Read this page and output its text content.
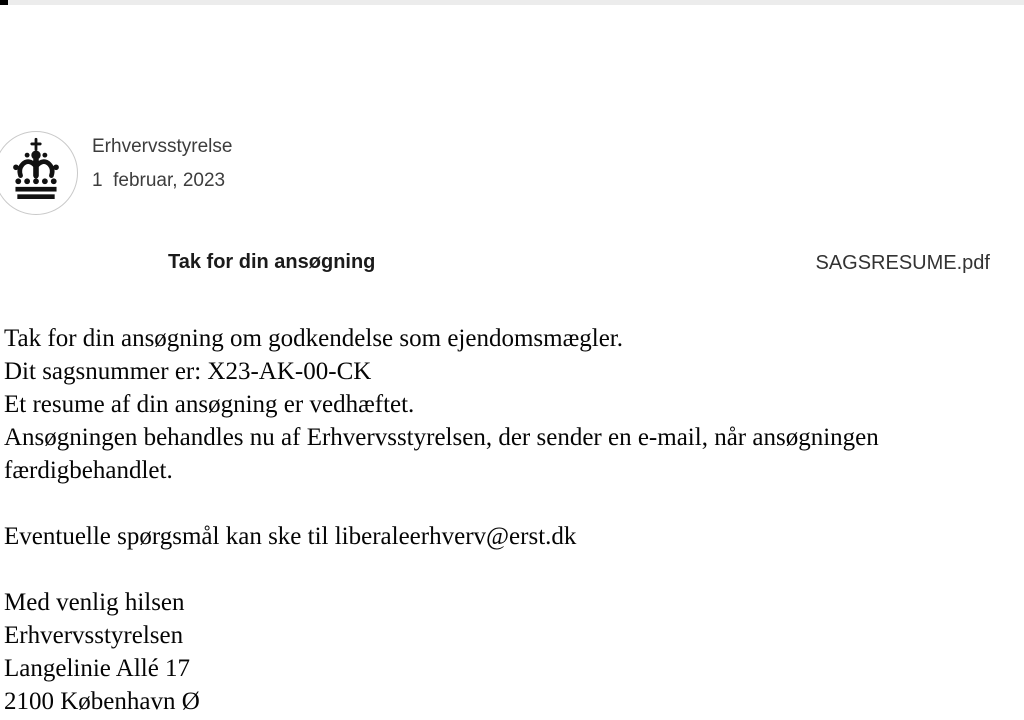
Erhvervsstyrelse
1  februar, 2023
Tak for din ansøgning	SAGSRESUME.pdf
Tak for din ansøgning om godkendelse som ejendomsmægler.
Dit sagsnummer er: X23-AK-00-CK
Et resume af din ansøgning er vedhæftet.
Ansøgningen behandles nu af Erhvervsstyrelsen, der sender en e-mail, når ansøgningen
færdigbehandlet.
Eventuelle spørgsmål kan ske til liberaleerhverv@erst.dk
Med venlig hilsen
Erhvervsstyrelsen
Langelinie Allé 17
2100 København Ø
